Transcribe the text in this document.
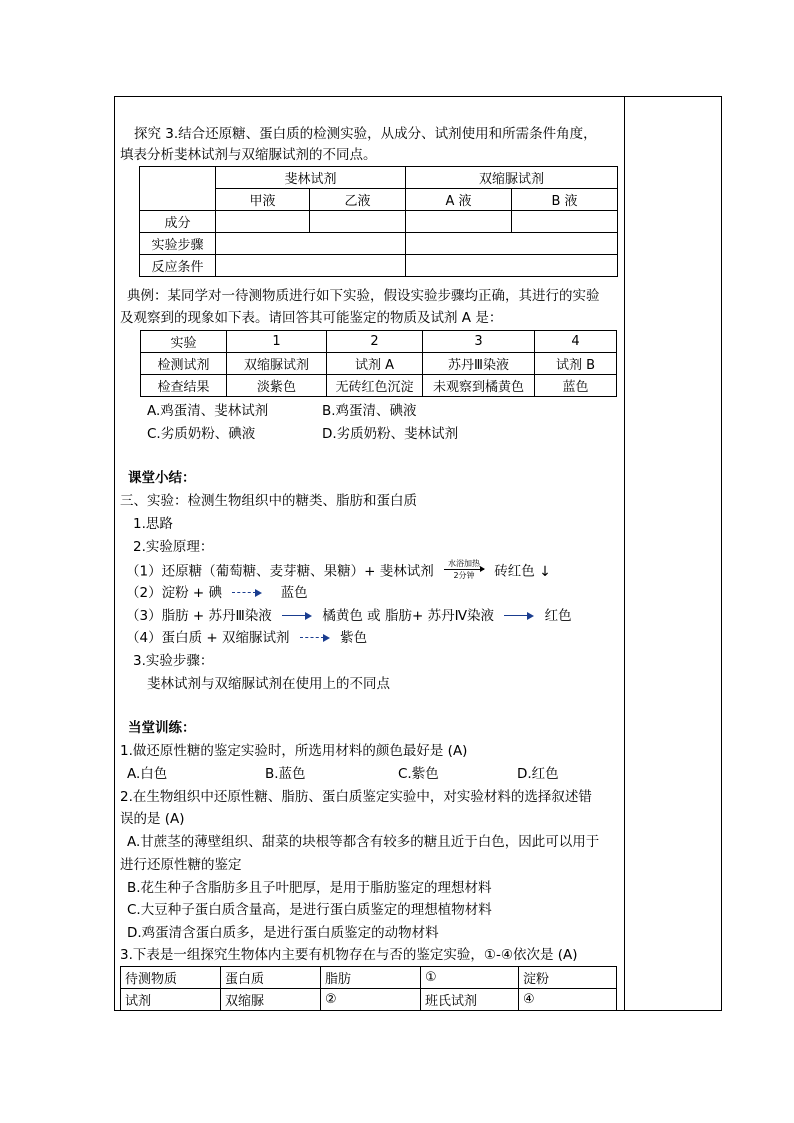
探究 3.结合还原糖、蛋白质的检测实验，从成分、试剂使用和所需条件角度，
填表分析斐林试剂与双缩脲试剂的不同点。
	斐林试剂		双缩脲试剂	
	甲液	乙液	A 液	B 液
成分				
实验步骤				
反应条件				
典例：某同学对一待测物质进行如下实验，假设实验步骤均正确，其进行的实验
及观察到的现象如下表。请回答其可能鉴定的物质及试剂 A 是：
实验	1	2	3	4
检测试剂	双缩脲试剂	试剂 A	苏丹Ⅲ染液	试剂 B
检查结果	淡紫色	无砖红色沉淀	未观察到橘黄色	蓝色
A.鸡蛋清、斐林试剂	B.鸡蛋清、碘液
C.劣质奶粉、碘液	D.劣质奶粉、斐林试剂
课堂小结：
三、实验：检测生物组织中的糖类、脂肪和蛋白质
1.思路
2.实验原理：
（1）还原糖（葡萄糖、麦芽糖、果糖）+ 斐林试剂 水浴加热
2分钟 砖红色 ↓
（2）淀粉 + 碘	蓝色
（3）脂肪 + 苏丹Ⅲ染液	橘黄色 或 脂肪+ 苏丹Ⅳ染液	红色
（4）蛋白质 + 双缩脲试剂	紫色
3.实验步骤：
斐林试剂与双缩脲试剂在使用上的不同点
当堂训练：
1.做还原性糖的鉴定实验时，所选用材料的颜色最好是 (A)
A.白色	B.蓝色	C.紫色	D.红色
2.在生物组织中还原性糖、脂肪、蛋白质鉴定实验中，对实验材料的选择叙述错
误的是 (A)
A.甘蔗茎的薄壁组织、甜菜的块根等都含有较多的糖且近于白色，因此可以用于
进行还原性糖的鉴定
B.花生种子含脂肪多且子叶肥厚，是用于脂肪鉴定的理想材料
C.大豆种子蛋白质含量高，是进行蛋白质鉴定的理想植物材料
D.鸡蛋清含蛋白质多，是进行蛋白质鉴定的动物材料
3.下表是一组探究生物体内主要有机物存在与否的鉴定实验，①-④依次是 (A)
待测物质	蛋白质	脂肪	①	淀粉
试剂	双缩脲	②	班氏试剂	④
